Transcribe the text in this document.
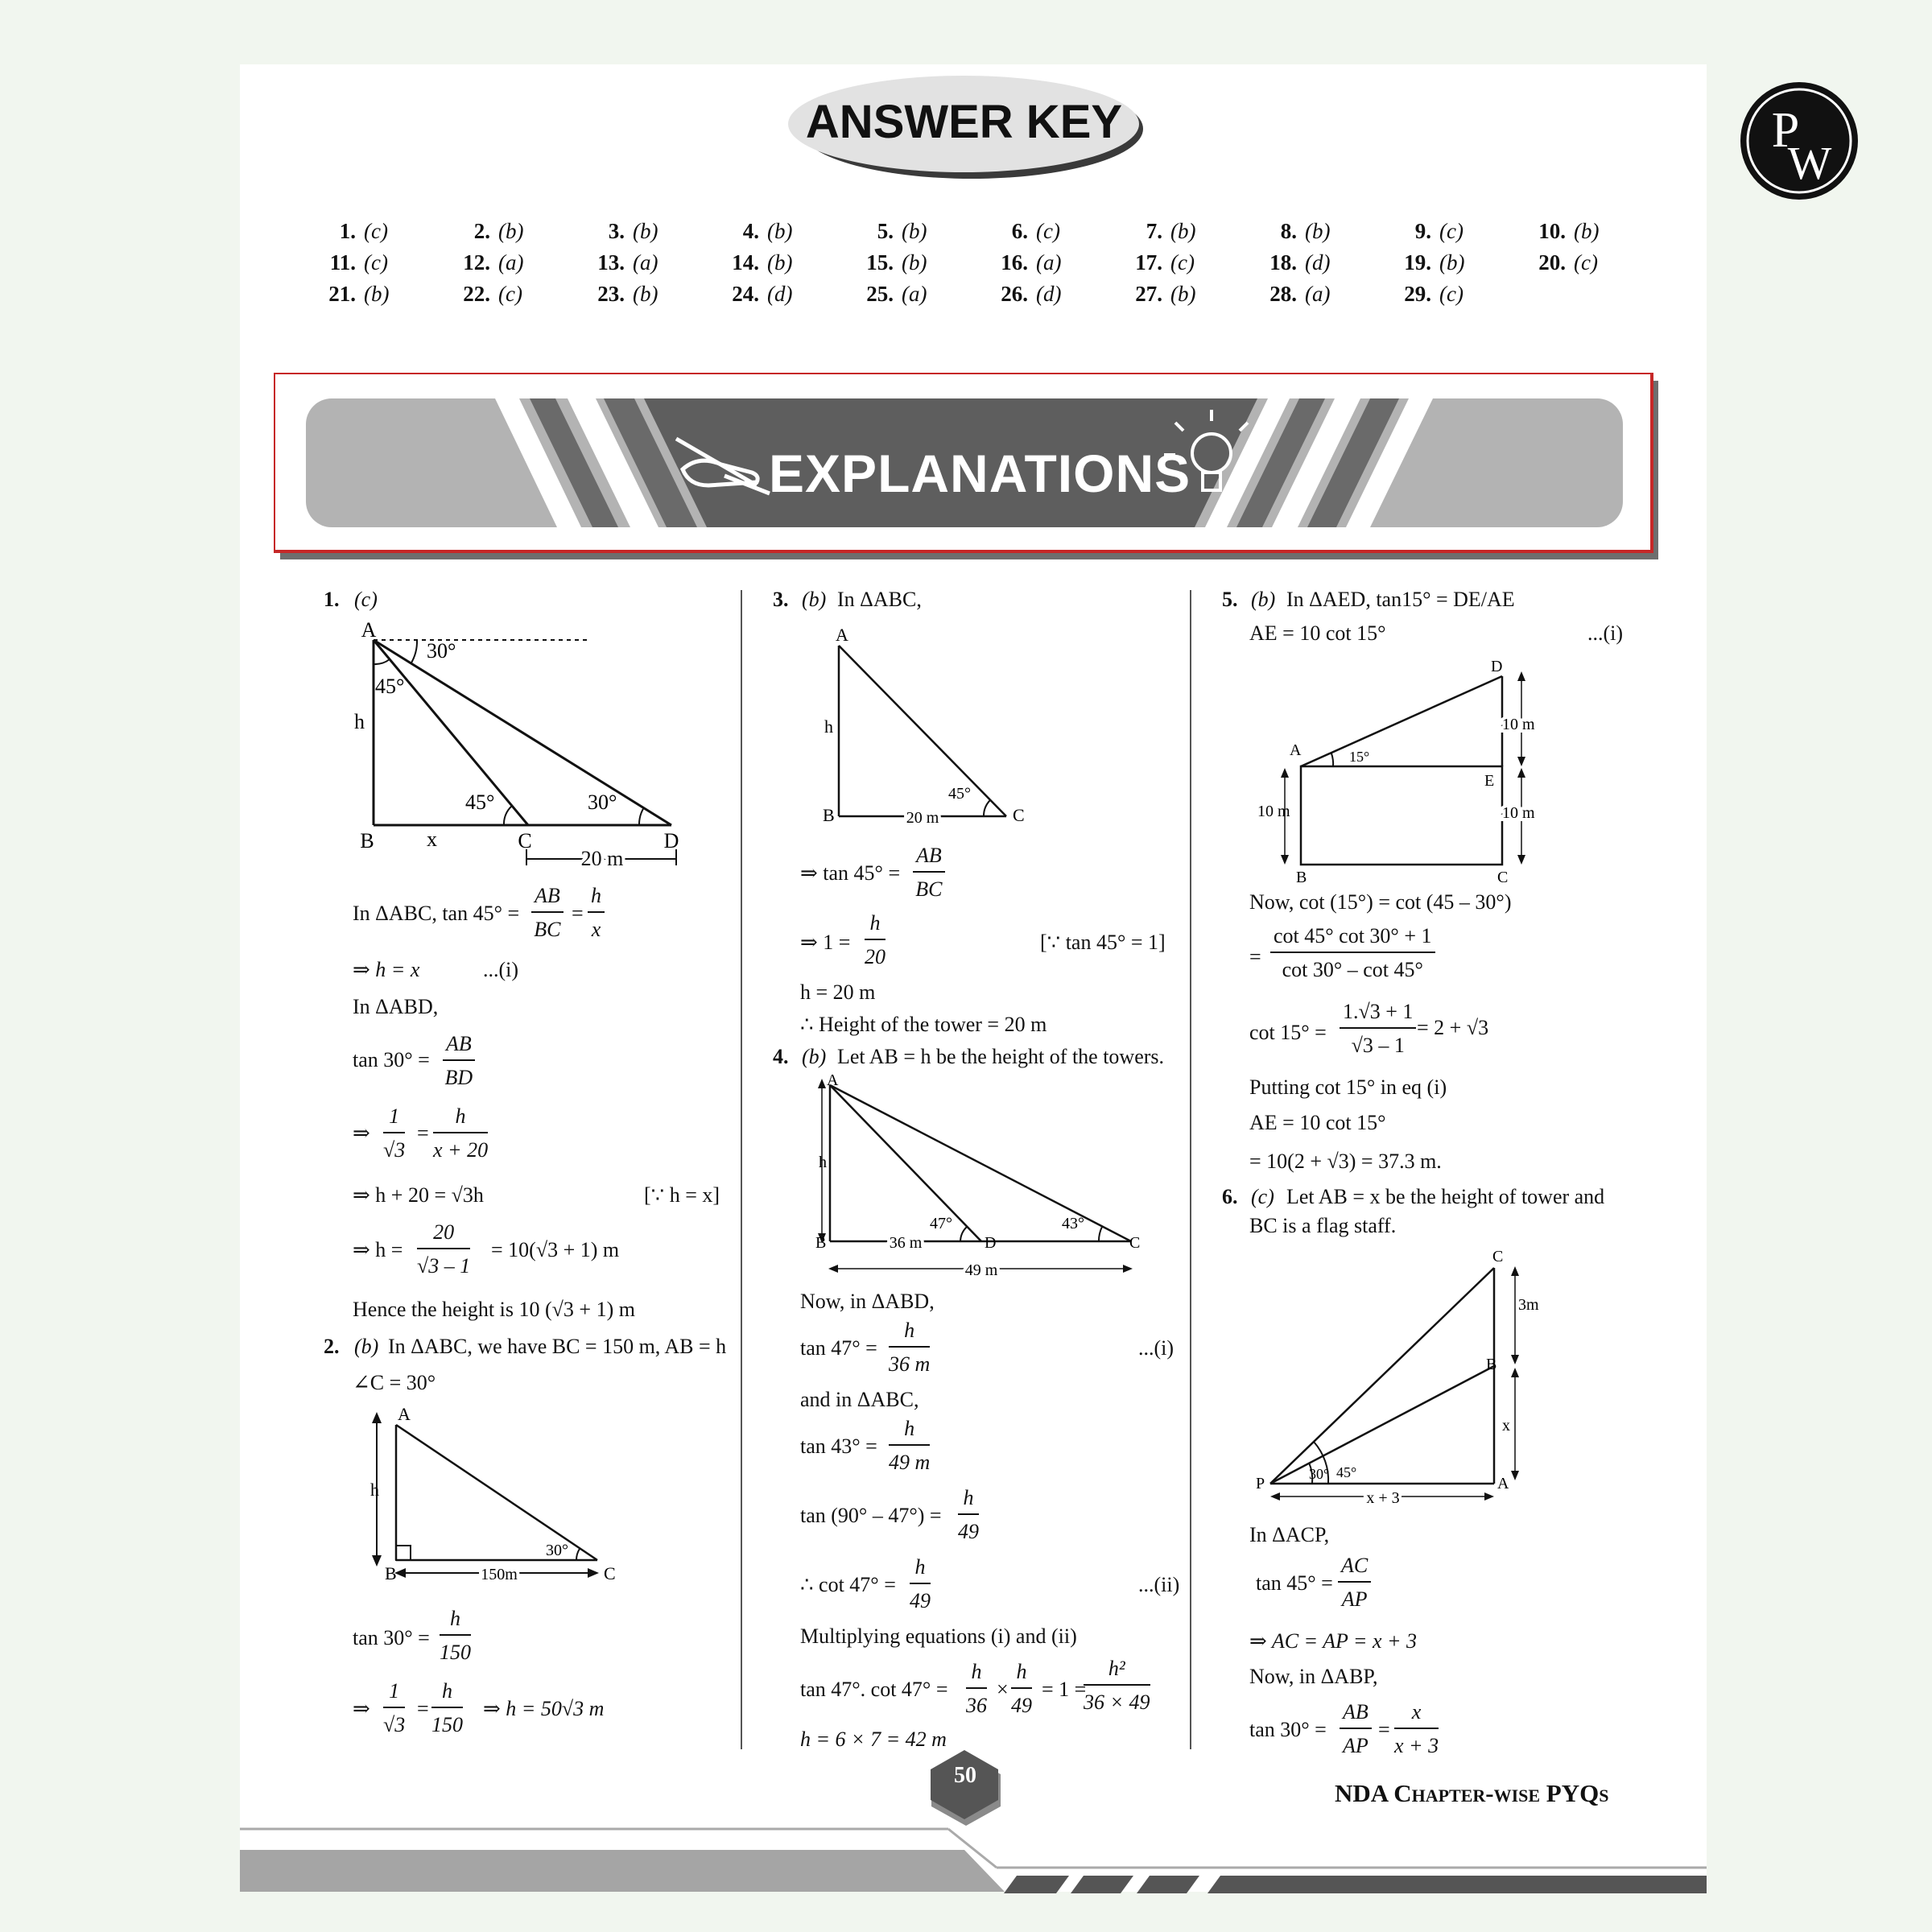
ANSWER KEY	P
W
1. (c)	2. (b)	3. (b)	4. (b)	5. (b)	6. (c)	7. (b)	8. (b)	9. (c)	10. (b)
11. (c)	12. (a)	13. (a)	14. (b)	15. (b)	16. (a)	17. (c)	18. (d)	19. (b)	20. (c)
21. (b)	22. (c)	23. (b)	24. (d)	25. (a)	26. (d)	27. (b)	28. (a)	29. (c)
EXPLANATIONS
1. (c)
A
30°
45°
h
45°	30°
B	x	C	D
20 m
In ΔABC, $\tan 45^\circ = \frac{AB}{BC} = \frac{h}{x}$
⇒ h = x	...(i)
In ΔABD,
$\tan 30^\circ = \frac{AB}{BD}$
⇒ $\frac{1}{√3} = \frac{h}{x + 20}$
⇒ h + 20 = √3h	[∵ h = x]
⇒ $h = \frac{20}{√3 - 1} = 10(√3 + 1)$ m
Hence the height is 10 (√3 + 1) m
2. (b) In ΔABC, we have BC = 150 m, AB = h
∠C = 30°
A
h
30°
B	C
150m
$\tan 30^\circ = \frac{h}{150}$
⇒ $\frac{1}{√3} = \frac{h}{150}$ ⇒ h = 50√3 m
3. (b) In ΔABC,
A
h
45°
B	C
20 m
⇒ $\tan 45^\circ = \frac{AB}{BC}$
⇒ $1 = \frac{h}{20}$	[∵ tan 45° = 1]
h = 20 m
∴ Height of the tower = 20 m
4. (b) Let AB = h be the height of the towers.
A
h
47°	43°
B	D	C
36 m
49 m
Now, in ΔABD,
$\tan 47^\circ = \frac{h}{36 m}$	...(i)
and in ΔABC,
$\tan 43^\circ = \frac{h}{49 m}$
$\tan (90^\circ - 47^\circ) = \frac{h}{49}$
∴ $\cot 47^\circ = \frac{h}{49}$	...(ii)
Multiplying equations (i) and (ii)
tan 47°. $\cot 47^\circ = \frac{h}{36} \times \frac{h}{49} = 1$ =
$\frac{\text{h²}}{36 \times 49}$
h = 6 × 7 = 42 m
5. (b) In ΔAED, tan15° = DE/AE
AE = 10 cot 15°	...(i)
A	15°
D
E
B	C
10 m
10 m
10 m
Now, cot (15°) = cot (45 – 30°)
= $\frac{\cot 45^\circ \cot 30^\circ + 1}{\cot 30^\circ - \cot 45^\circ}$
$\cot 15^\circ = \frac{1.√3 + 1}{√3 - 1} = 2 + √3$
Putting cot 15° in eq (i)
AE = 10 cot 15°
= 10(2 + √3) = 37.3 m.
6. (c) Let AB = x be the height of tower and
BC is a flag staff.
C
B
A
P
3m
x
30° 45°
x + 3
In ΔACP,
$\tan 45^\circ = \frac{AC}{AP}$
⇒ AC = AP = x + 3
Now, in ΔABP,
$\tan 30^\circ = \frac{AB}{AP} = \frac{x}{x + 3}$
50
NDA Chapter-wise PYQs
